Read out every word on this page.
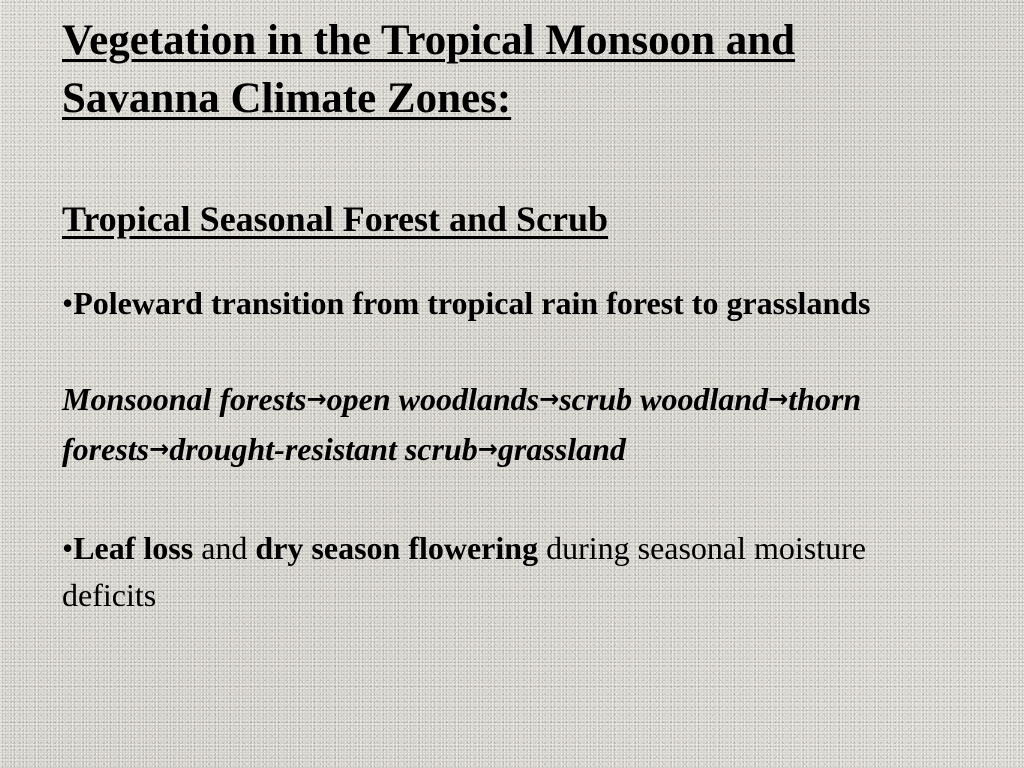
Vegetation in the Tropical Monsoon and
Savanna Climate Zones:
Tropical Seasonal Forest and Scrub

•Poleward transition from tropical rain forest to grasslands

Monsoonal forests→open woodlands→scrub woodland→thorn forests→drought-resistant scrub→grassland

•Leaf loss and dry season flowering during seasonal moisture deficits
